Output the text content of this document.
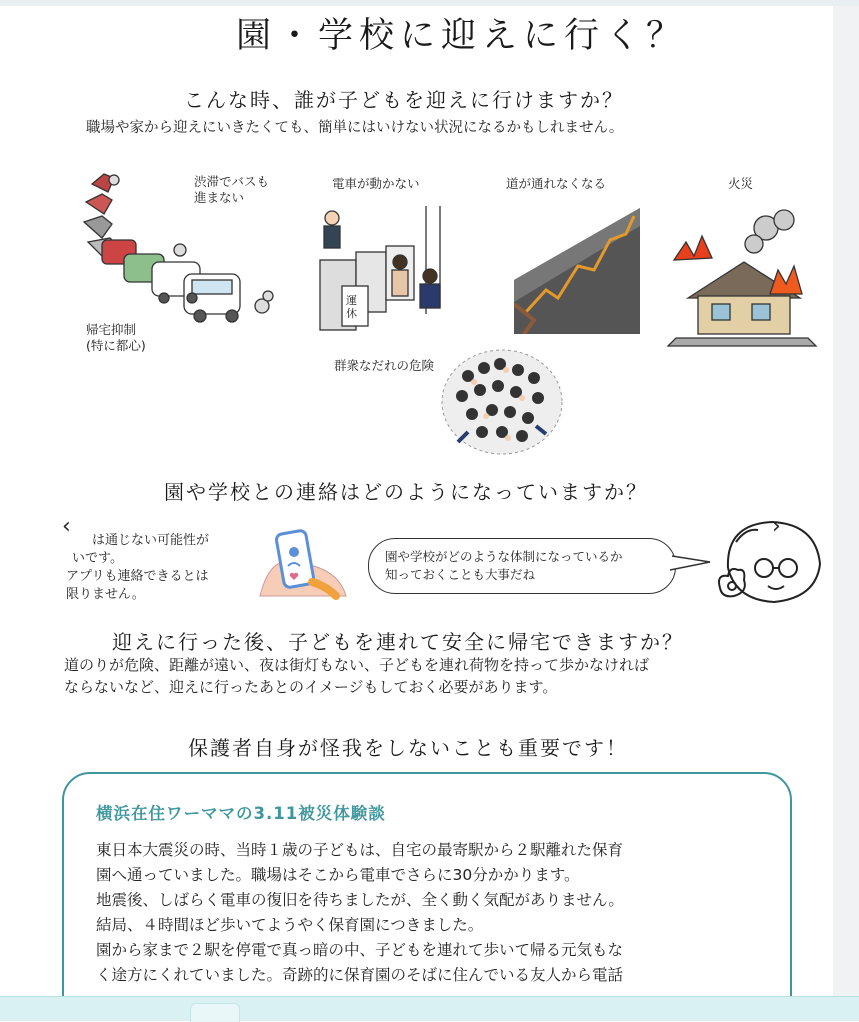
園・学校に迎えに行く？
こんな時、誰が子どもを迎えに行けますか？
職場や家から迎えにいきたくても、簡単にはいけない状況になるかもしれません。
渋滞でバスも
進まない
帰宅抑制
(特に都心)
電車が動かない
運休
道が通れなくなる	火災
群衆なだれの危険
園や学校との連絡はどのようになっていますか？
‹
は通じない可能性が
いです。
アプリも連絡できるとは
限りません。
園や学校がどのような体制になっているか
知っておくことも大事だね
›
迎えに行った後、子どもを連れて安全に帰宅できますか？
道のりが危険、距離が遠い、夜は街灯もない、子どもを連れ荷物を持って歩かなければ
ならないなど、迎えに行ったあとのイメージもしておく必要があります。
保護者自身が怪我をしないことも重要です！
横浜在住ワーママの3.11被災体験談
東日本大震災の時、当時１歳の子どもは、自宅の最寄駅から２駅離れた保育
園へ通っていました。職場はそこから電車でさらに30分かかります。
地震後、しばらく電車の復旧を待ちましたが、全く動く気配がありません。
結局、４時間ほど歩いてようやく保育園につきました。
園から家まで２駅を停電で真っ暗の中、子どもを連れて歩いて帰る元気もな
く途方にくれていました。奇跡的に保育園のそばに住んでいる友人から電話
